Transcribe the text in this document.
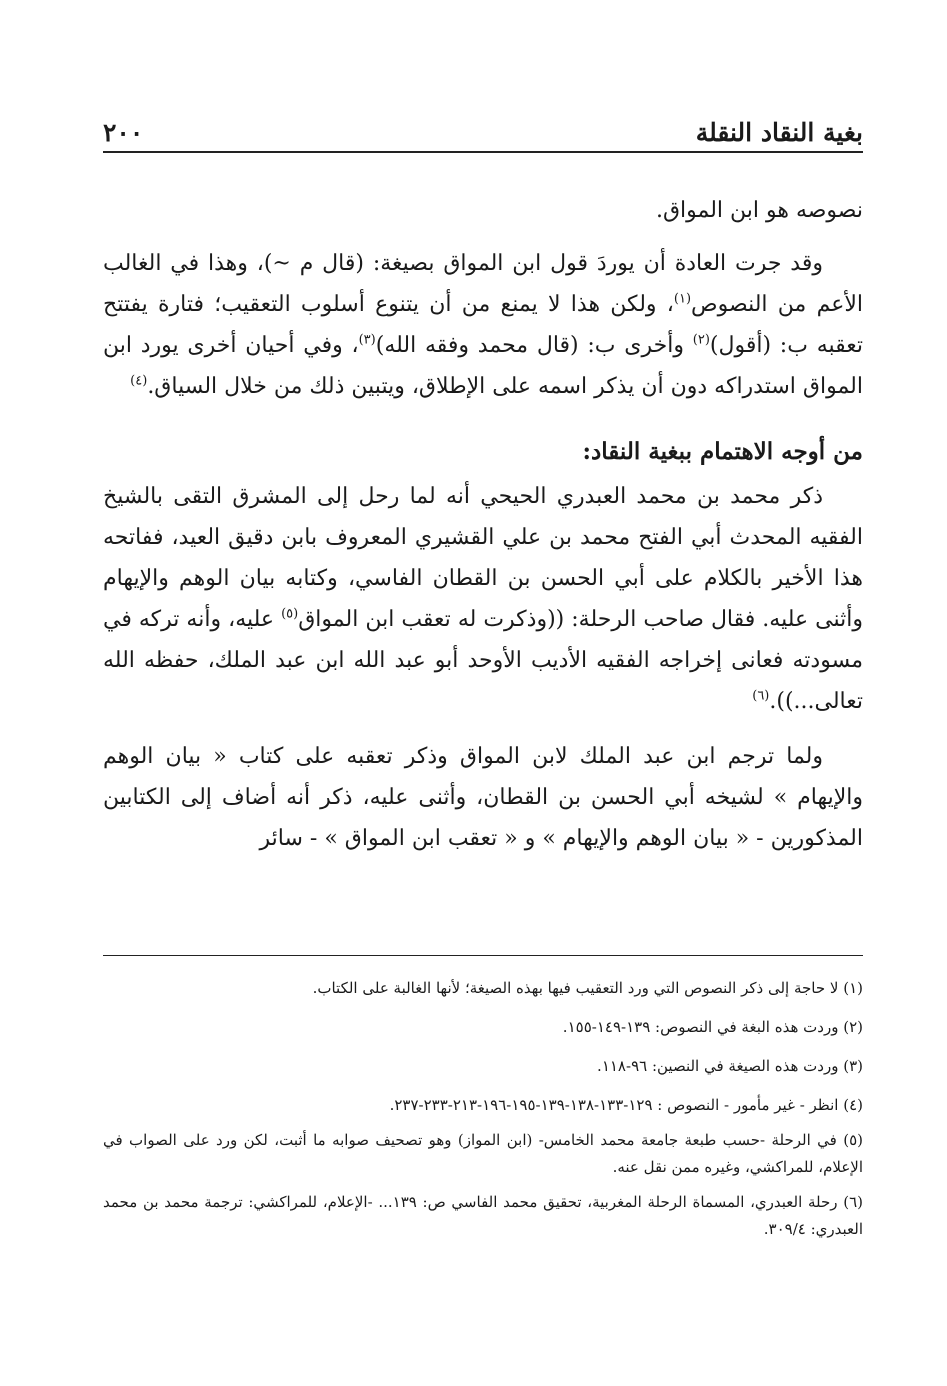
بغية النقاد النقلة
٢٠٠

نصوصه هو ابن المواق.

وقد جرت العادة أن يوردَ قول ابن المواق بصيغة: (قال م ~)، وهذا في الغالب الأعم من النصوص$^{(١)}$، ولكن هذا لا يمنع من أن يتنوع أسلوب التعقيب؛ فتارة يفتتح تعقبه ب: (أقول)$^{(٢)}$ وأخرى ب: (قال محمد وفقه الله)$^{(٣)}$، وفي أحيان أخرى يورد ابن المواق استدراكه دون أن يذكر اسمه على الإطلاق، ويتبين ذلك من خلال السياق.$^{(٤)}$

من أوجه الاهتمام ببغية النقاد:

ذكر محمد بن محمد العبدري الحيحي أنه لما رحل إلى المشرق التقى بالشيخ الفقيه المحدث أبي الفتح محمد بن علي القشيري المعروف بابن دقيق العيد، ففاتحه هذا الأخير بالكلام على أبي الحسن بن القطان الفاسي، وكتابه بيان الوهم والإيهام وأثنى عليه. فقال صاحب الرحلة: ((وذكرت له تعقب ابن المواق$^{(٥)}$ عليه، وأنه تركه في مسودته فعانى إخراجه الفقيه الأديب الأوحد أبو عبد الله ابن عبد الملك، حفظه الله تعالى...)).$^{(٦)}$

ولما ترجم ابن عبد الملك لابن المواق وذكر تعقبه على كتاب « بيان الوهم والإيهام » لشيخه أبي الحسن بن القطان، وأثنى عليه، ذكر أنه أضاف إلى الكتابين المذكورين - « بيان الوهم والإيهام » و « تعقب ابن المواق » - سائر

(١) لا حاجة إلى ذكر النصوص التي ورد التعقيب فيها بهذه الصيغة؛ لأنها الغالبة على الكتاب.

(٢) وردت هذه البغة في النصوص: ١٣٩-١٤٩-١٥٥.

(٣) وردت هذه الصيغة في النصين: ٩٦-١١٨.

(٤) انظر - غير مأمور - النصوص : ١٢٩-١٣٣-١٣٨-١٣٩-١٩٥-١٩٦-٢١٣-٢٣٣-٢٣٧.

(٥) في الرحلة -حسب طبعة جامعة محمد الخامس- (ابن المواز) وهو تصحيف صوابه ما أثبت، لكن ورد على الصواب في الإعلام، للمراكشي، وغيره ممن نقل عنه.

(٦) رحلة العبدري، المسماة الرحلة المغربية، تحقيق محمد الفاسي ص: ١٣٩... -الإعلام، للمراكشي: ترجمة محمد بن محمد العبدري: ٣٠٩/٤.
